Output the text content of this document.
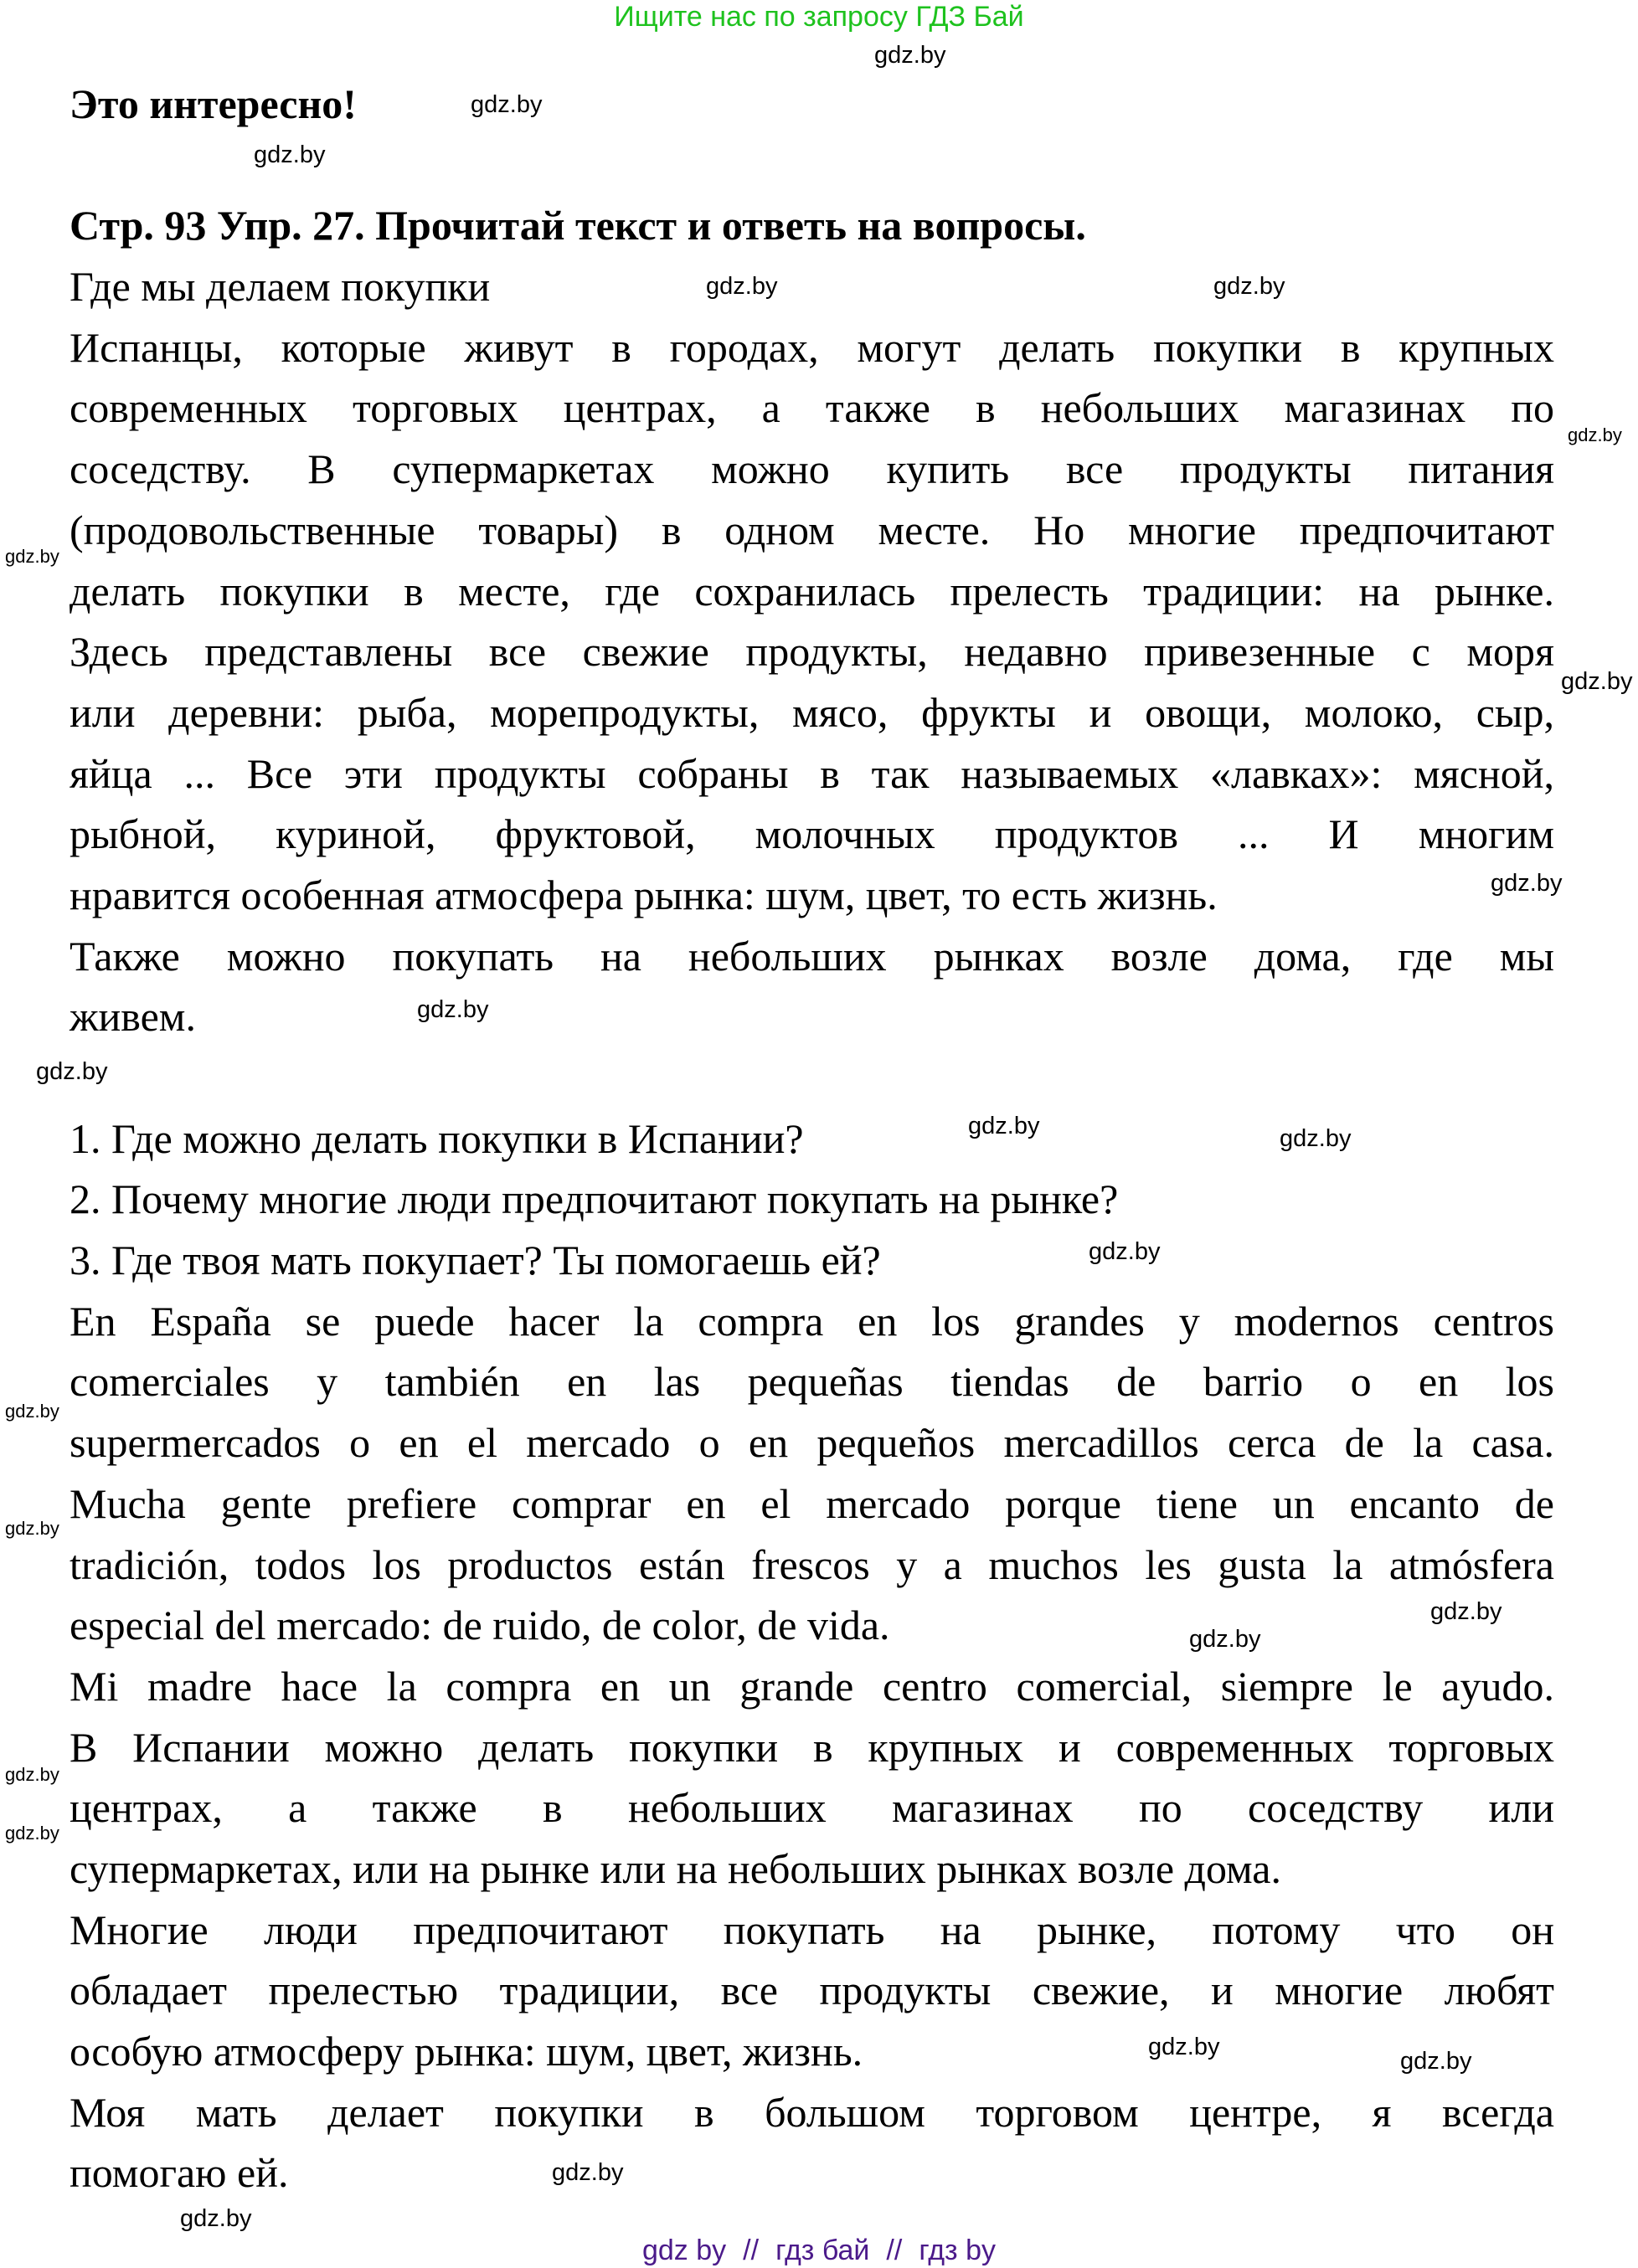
Ищите нас по запросу ГДЗ Бай
Это интересно!
Стр. 93 Упр. 27. Прочитай текст и ответь на вопросы.
Где мы делаем покупки
Испанцы, которые живут в городах, могут делать покупки в крупных
современных торговых центрах, а также в небольших магазинах по
соседству. В супермаркетах можно купить все продукты питания
(продовольственные товары) в одном месте. Но многие предпочитают
делать покупки в месте, где сохранилась прелесть традиции: на рынке.
Здесь представлены все свежие продукты, недавно привезенные с моря
или деревни: рыба, морепродукты, мясо, фрукты и овощи, молоко, сыр,
яйца ... Все эти продукты собраны в так называемых «лавках»: мясной,
рыбной, куриной, фруктовой, молочных продуктов ... И многим
нравится особенная атмосфера рынка: шум, цвет, то есть жизнь.
Также можно покупать на небольших рынках возле дома, где мы
живем.
1. Где можно делать покупки в Испании?
2. Почему многие люди предпочитают покупать на рынке?
3. Где твоя мать покупает? Ты помогаешь ей?
En España se puede hacer la compra en los grandes y modernos centros
comerciales y también en las pequeñas tiendas de barrio o en los
supermercados o en el mercado o en pequeños mercadillos cerca de la casa.
Mucha gente prefiere comprar en el mercado porque tiene un encanto de
tradición, todos los productos están frescos y a muchos les gusta la atmósfera
especial del mercado: de ruido, de color, de vida.
Mi madre hace la compra en un grande centro comercial, siempre le ayudo.
В Испании можно делать покупки в крупных и современных торговых
центрах, а также в небольших магазинах по соседству или
супермаркетах, или на рынке или на небольших рынках возле дома.
Многие люди предпочитают покупать на рынке, потому что он
обладает прелестью традиции, все продукты свежие, и многие любят
особую атмосферу рынка: шум, цвет, жизнь.
Моя мать делает покупки в большом торговом центре, я всегда
помогаю ей.
gdz.by
gdz.by
gdz.by
gdz.by
gdz.by
gdz.by
gdz.by
gdz.by
gdz.by
gdz.by
gdz.by
gdz.by	gdz.by
gdz.by
gdz.by
gdz.by
gdz.by
gdz.by
gdz.by
gdz.by
gdz.by
gdz.by
gdz.by
gdz.by
gdz by // гдз бай // гдз by
